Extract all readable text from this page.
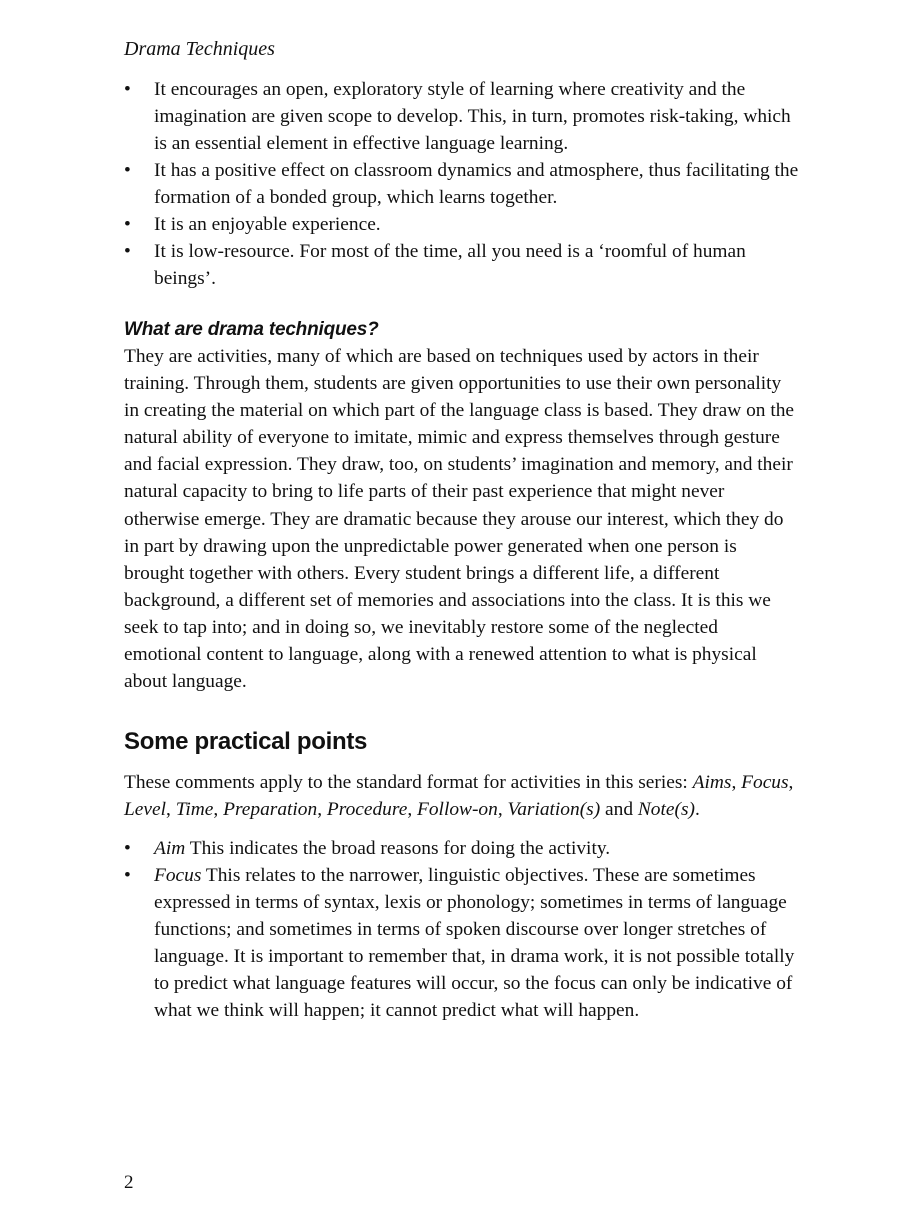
Drama Techniques
•	It encourages an open, exploratory style of learning where creativity and the imagination are given scope to develop. This, in turn, promotes risk-taking, which is an essential element in effective language learning.
•	It has a positive effect on classroom dynamics and atmosphere, thus facilitating the formation of a bonded group, which learns together.
•	It is an enjoyable experience.
•	It is low-resource. For most of the time, all you need is a ‘roomful of human beings’.
What are drama techniques?

They are activities, many of which are based on techniques used by actors in their training. Through them, students are given opportunities to use their own personality in creating the material on which part of the language class is based. They draw on the natural ability of everyone to imitate, mimic and express themselves through gesture and facial expression. They draw, too, on students’ imagination and memory, and their natural capacity to bring to life parts of their past experience that might never otherwise emerge. They are dramatic because they arouse our interest, which they do in part by drawing upon the unpredictable power generated when one person is brought together with others. Every student brings a different life, a different background, a different set of memories and associations into the class. It is this we seek to tap into; and in doing so, we inevitably restore some of the neglected emotional content to language, along with a renewed attention to what is physical about language.

Some practical points

These comments apply to the standard format for activities in this series: Aims, Focus, Level, Time, Preparation, Procedure, Follow-on, Variation(s) and Note(s).

•	Aim This indicates the broad reasons for doing the activity.
•	Focus This relates to the narrower, linguistic objectives. These are sometimes expressed in terms of syntax, lexis or phonology; sometimes in terms of language functions; and sometimes in terms of spoken discourse over longer stretches of language. It is important to remember that, in drama work, it is not possible totally to predict what language features will occur, so the focus can only be indicative of what we think will happen; it cannot predict what will happen.
2
